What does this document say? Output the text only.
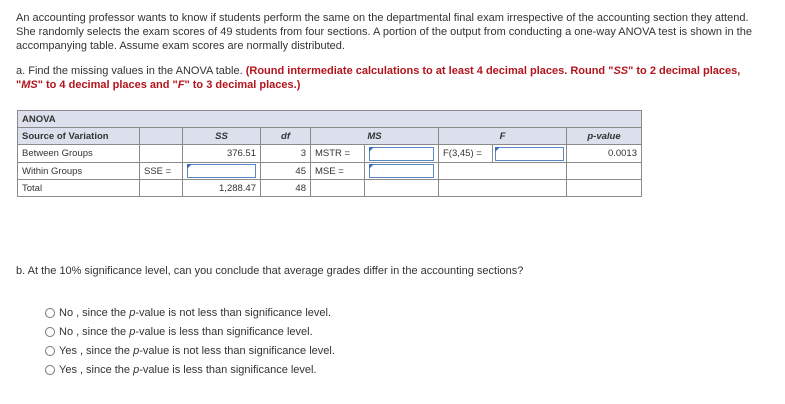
An accounting professor wants to know if students perform the same on the departmental final exam irrespective of the accounting section they attend. She randomly selects the exam scores of 49 students from four sections. A portion of the output from conducting a one-way ANOVA test is shown in the accompanying table. Assume exam scores are normally distributed.
a. Find the missing values in the ANOVA table. (Round intermediate calculations to at least 4 decimal places. Round "SS" to 2 decimal places, "MS" to 4 decimal places and "F" to 3 decimal places.)
ANOVA							
Source of Variation		SS	df	MS		F	p-value
Between Groups		376.51	3	MSTR =		F(3,45) =	0.0013
Within Groups	SSE =		45	MSE =	

Total		1,288.47	48				
b. At the 10% significance level, can you conclude that average grades differ in the accounting sections?
No , since the
p -value is not less than significance level.
No , since the
p -value is less than significance level.
Yes , since the
p -value is not less than significance level.
Yes , since the
p -value is less than significance level.
